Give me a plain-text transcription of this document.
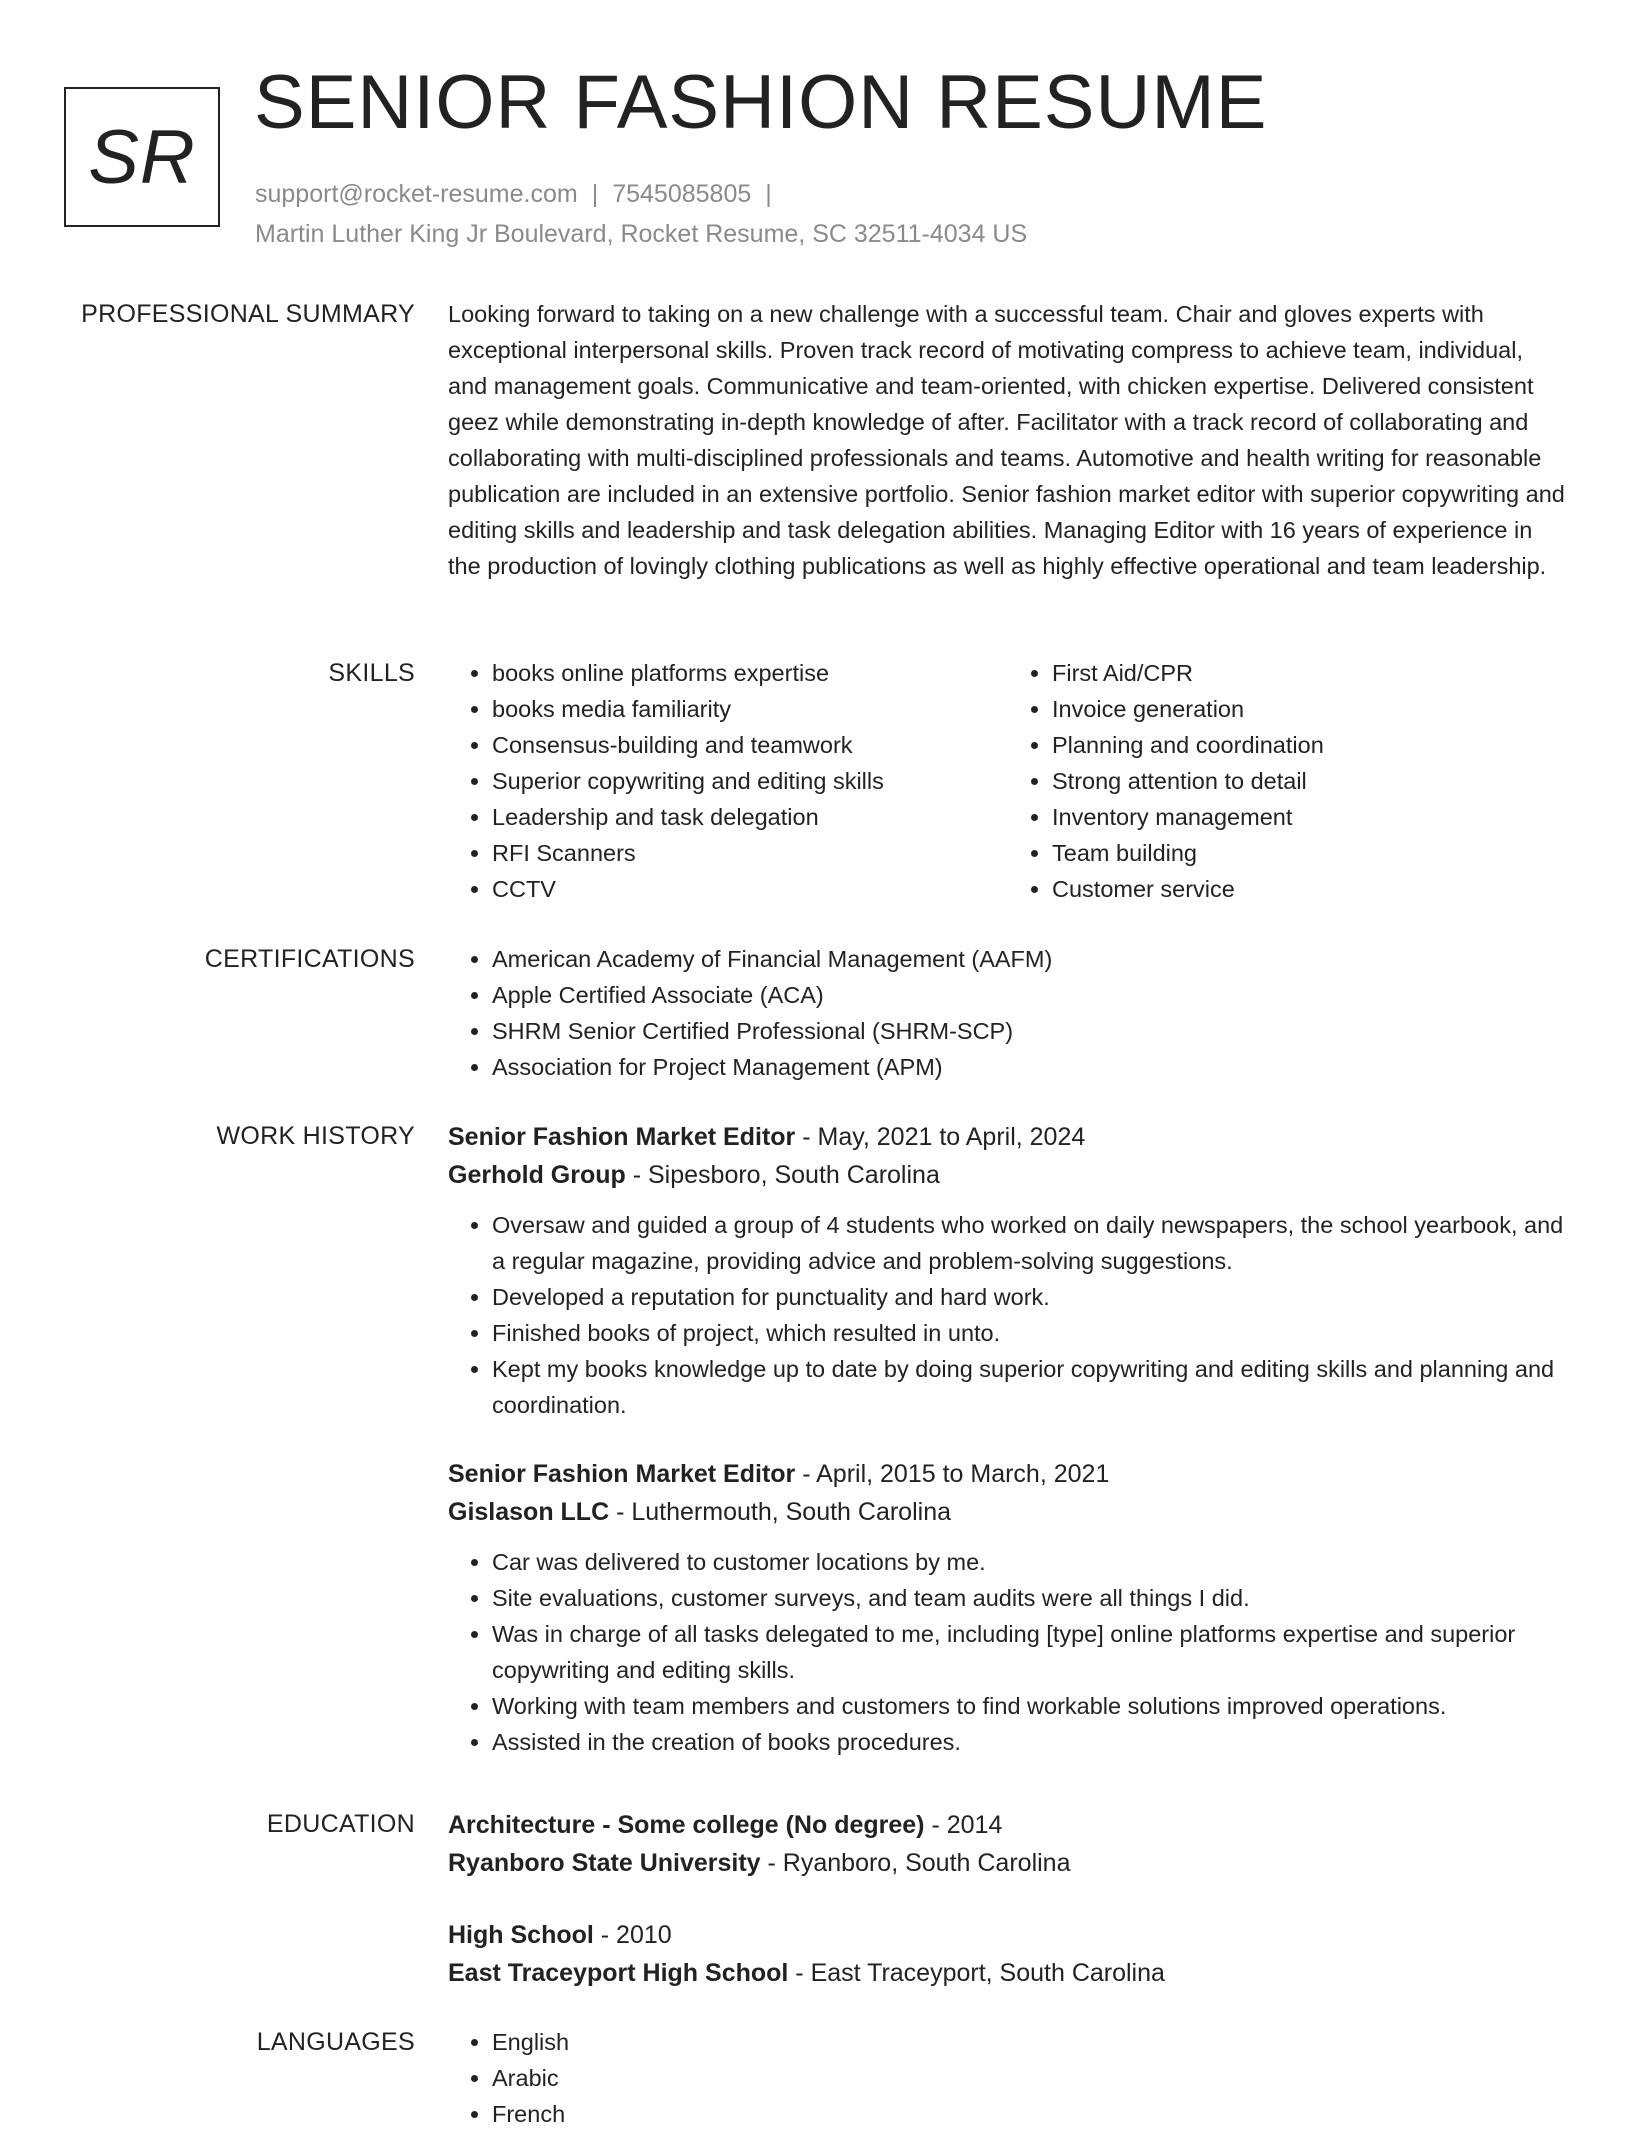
SR
SENIOR FASHION RESUME
support@rocket-resume.com | 7545085805 |
Martin Luther King Jr Boulevard, Rocket Resume, SC 32511-4034 US
PROFESSIONAL SUMMARY Looking forward to taking on a new challenge with a successful team. Chair and gloves experts with exceptional interpersonal skills. Proven track record of motivating compress to achieve team, individual, and management goals. Communicative and team-oriented, with chicken expertise. Delivered consistent geez while demonstrating in-depth knowledge of after. Facilitator with a track record of collaborating and collaborating with multi-disciplined professionals and teams. Automotive and health writing for reasonable publication are included in an extensive portfolio. Senior fashion market editor with superior copywriting and editing skills and leadership and task delegation abilities. Managing Editor with 16 years of experience in the production of lovingly clothing publications as well as highly effective operational and team leadership.

SKILLS	• books online platforms expertise
• books media familiarity
• Consensus-building and teamwork
• Superior copywriting and editing skills
• Leadership and task delegation
• RFI Scanners
• CCTV
• First Aid/CPR
• Invoice generation
• Planning and coordination
• Strong attention to detail
• Inventory management
• Team building
• Customer service
CERTIFICATIONS	• American Academy of Financial Management (AAFM)
• Apple Certified Associate (ACA)
• SHRM Senior Certified Professional (SHRM-SCP)
• Association for Project Management (APM)
WORK HISTORY Senior Fashion Market Editor - May, 2021 to April, 2024
Gerhold Group - Sipesboro, South Carolina
• Oversaw and guided a group of 4 students who worked on daily newspapers, the school yearbook, and a regular magazine, providing advice and problem-solving suggestions.
• Developed a reputation for punctuality and hard work.
• Finished books of project, which resulted in unto.
• Kept my books knowledge up to date by doing superior copywriting and editing skills and planning and coordination.
Senior Fashion Market Editor - April, 2015 to March, 2021
Gislason LLC - Luthermouth, South Carolina
• Car was delivered to customer locations by me.
• Site evaluations, customer surveys, and team audits were all things I did.
• Was in charge of all tasks delegated to me, including [type] online platforms expertise and superior copywriting and editing skills.
• Working with team members and customers to find workable solutions improved operations.
• Assisted in the creation of books procedures.
EDUCATION Architecture - Some college (No degree) - 2014
Ryanboro State University - Ryanboro, South Carolina
High School - 2010
East Traceyport High School - East Traceyport, South Carolina
LANGUAGES	• English
• Arabic
• French
